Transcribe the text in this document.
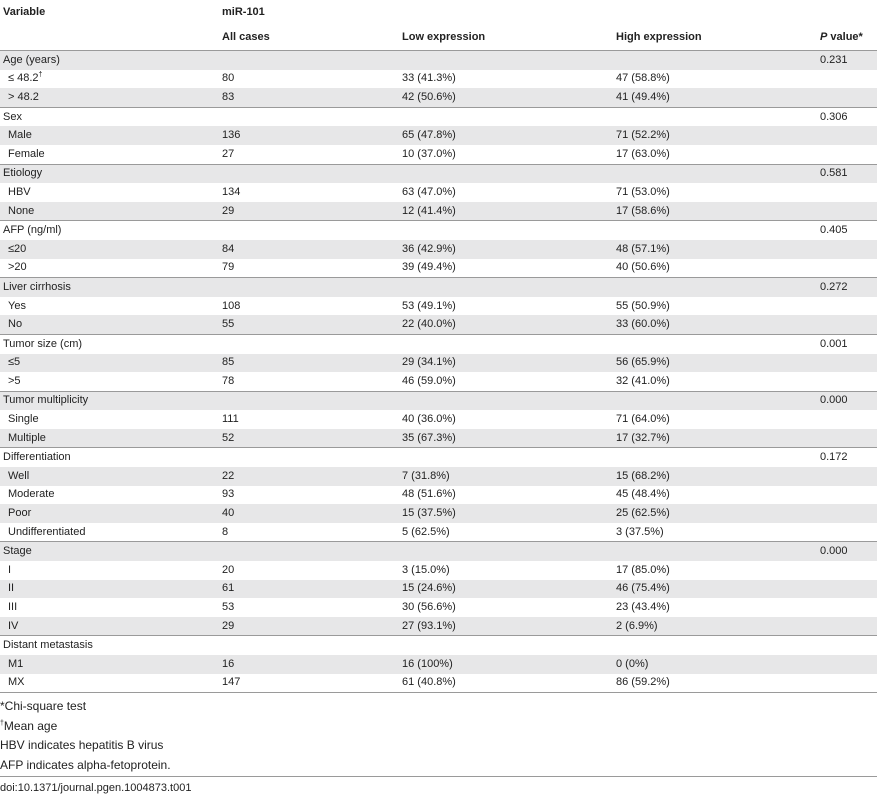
Variable	miR-101			
	All cases	Low expression	High expression	P value*
Age (years)				0.231
≤ 48.2†	80	33 (41.3%)	47 (58.8%)	
> 48.2	83	42 (50.6%)	41 (49.4%)	
Sex				0.306
Male	136	65 (47.8%)	71 (52.2%)	
Female	27	10 (37.0%)	17 (63.0%)	
Etiology				0.581
HBV	134	63 (47.0%)	71 (53.0%)	
None	29	12 (41.4%)	17 (58.6%)	
AFP (ng/ml)				0.405
≤20	84	36 (42.9%)	48 (57.1%)	
>20	79	39 (49.4%)	40 (50.6%)	
Liver cirrhosis				0.272
Yes	108	53 (49.1%)	55 (50.9%)	
No	55	22 (40.0%)	33 (60.0%)	
Tumor size (cm)				0.001
≤5	85	29 (34.1%)	56 (65.9%)	
>5	78	46 (59.0%)	32 (41.0%)	
Tumor multiplicity				0.000
Single	111	40 (36.0%)	71 (64.0%)	
Multiple	52	35 (67.3%)	17 (32.7%)	
Differentiation				0.172
Well	22	7 (31.8%)	15 (68.2%)	
Moderate	93	48 (51.6%)	45 (48.4%)	
Poor	40	15 (37.5%)	25 (62.5%)	
Undifferentiated	8	5 (62.5%)	3 (37.5%)	
Stage				0.000
I	20	3 (15.0%)	17 (85.0%)	
II	61	15 (24.6%)	46 (75.4%)	
III	53	30 (56.6%)	23 (43.4%)	
IV	29	27 (93.1%)	2 (6.9%)	
Distant metastasis				
M1	16	16 (100%)	0 (0%)	
MX	147	61 (40.8%)	86 (59.2%)	
*Chi-square test
†Mean age
HBV indicates hepatitis B virus
AFP indicates alpha-fetoprotein.
doi:10.1371/journal.pgen.1004873.t001
